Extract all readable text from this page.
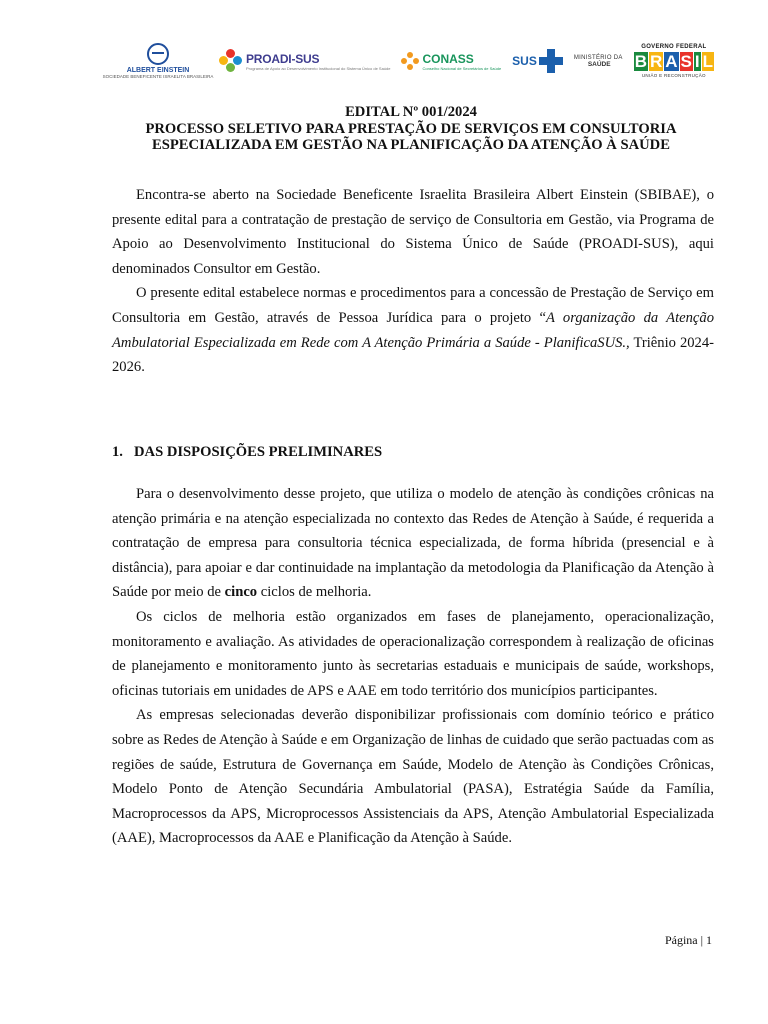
ALBERT EINSTEIN
SOCIEDADE BENEFICENTE ISRAELITA BRASILEIRA
PROADI-SUS
Programa de Apoio ao Desenvolvimento Institucional do Sistema Único de Saúde
CONASS
Conselho Nacional de Secretários de Saúde SUS	MINISTÉRIO DA
SAÚDE
GOVERNO FEDERAL
B R A S I L
UNIÃO E RECONSTRUÇÃO
EDITAL Nº 001/2024
PROCESSO SELETIVO PARA PRESTAÇÃO DE SERVIÇOS EM CONSULTORIA
ESPECIALIZADA EM GESTÃO NA PLANIFICAÇÃO DA ATENÇÃO À SAÚDE

Encontra-se aberto na Sociedade Beneficente Israelita Brasileira Albert Einstein (SBIBAE), o presente edital para a contratação de prestação de serviço de Consultoria em Gestão, via Programa de Apoio ao Desenvolvimento Institucional do Sistema Único de Saúde (PROADI-SUS), aqui denominados Consultor em Gestão.

O presente edital estabelece normas e procedimentos para a concessão de Prestação de Serviço em Consultoria em Gestão, através de Pessoa Jurídica para o projeto “A organização da Atenção Ambulatorial Especializada em Rede com A Atenção Primária a Saúde - PlanificaSUS., Triênio 2024-2026.

1. DAS DISPOSIÇÕES PRELIMINARES

Para o desenvolvimento desse projeto, que utiliza o modelo de atenção às condições crônicas na atenção primária e na atenção especializada no contexto das Redes de Atenção à Saúde, é requerida a contratação de empresa para consultoria técnica especializada, de forma híbrida (presencial e à distância), para apoiar e dar continuidade na implantação da metodologia da Planificação da Atenção à Saúde por meio de cinco ciclos de melhoria.

Os ciclos de melhoria estão organizados em fases de planejamento, operacionalização, monitoramento e avaliação. As atividades de operacionalização correspondem à realização de oficinas de planejamento e monitoramento junto às secretarias estaduais e municipais de saúde, workshops, oficinas tutoriais em unidades de APS e AAE em todo território dos municípios participantes.

As empresas selecionadas deverão disponibilizar profissionais com domínio teórico e prático sobre as Redes de Atenção à Saúde e em Organização de linhas de cuidado que serão pactuadas com as regiões de saúde, Estrutura de Governança em Saúde, Modelo de Atenção às Condições Crônicas, Modelo Ponto de Atenção Secundária Ambulatorial (PASA), Estratégia Saúde da Família, Macroprocessos da APS, Microprocessos Assistenciais da APS, Atenção Ambulatorial Especializada (AAE), Macroprocessos da AAE e Planificação da Atenção à Saúde.

Página | 1
